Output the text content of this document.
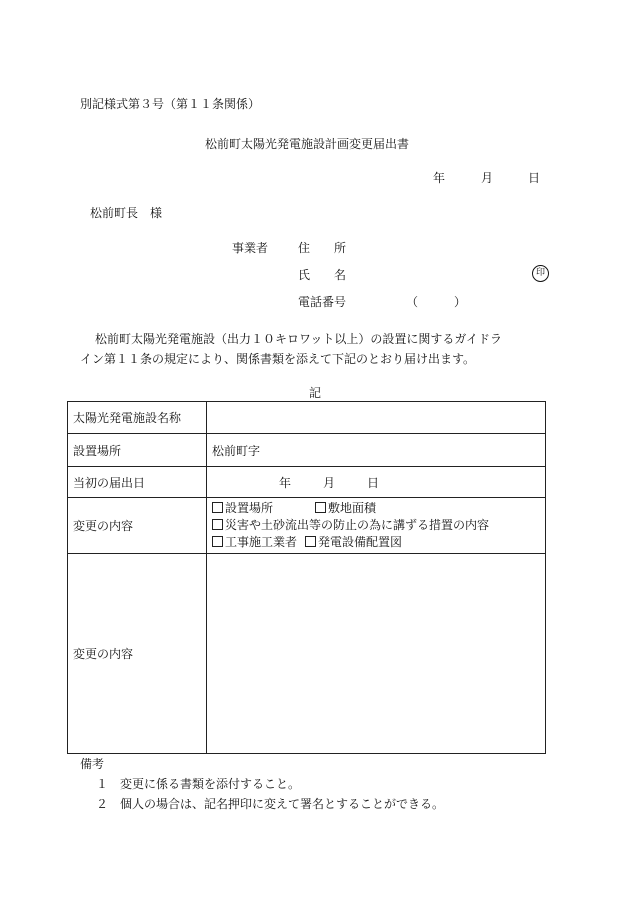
別記様式第３号（第１１条関係）
松前町太陽光発電施設計画変更届出書
年	月	日
松前町長　様
事業者 住　　所
氏　　名	印
電話番号	（　　　）
松前町太陽光発電施設（出力１０キロワット以上）の設置に関するガイドラ
イン第１１条の規定により、関係書類を添えて下記のとおり届け出ます。
記
太陽光発電施設名称	
設置場所	松前町字
当初の届出日	年 月 日
変更の内容	設置場所 敷地面積
災害や土砂流出等の防止の為に講ずる措置の内容
工事施工業者 発電設備配置図

変更の内容	
備考
１ 変更に係る書類を添付すること。
２ 個人の場合は、記名押印に変えて署名とすることができる。
